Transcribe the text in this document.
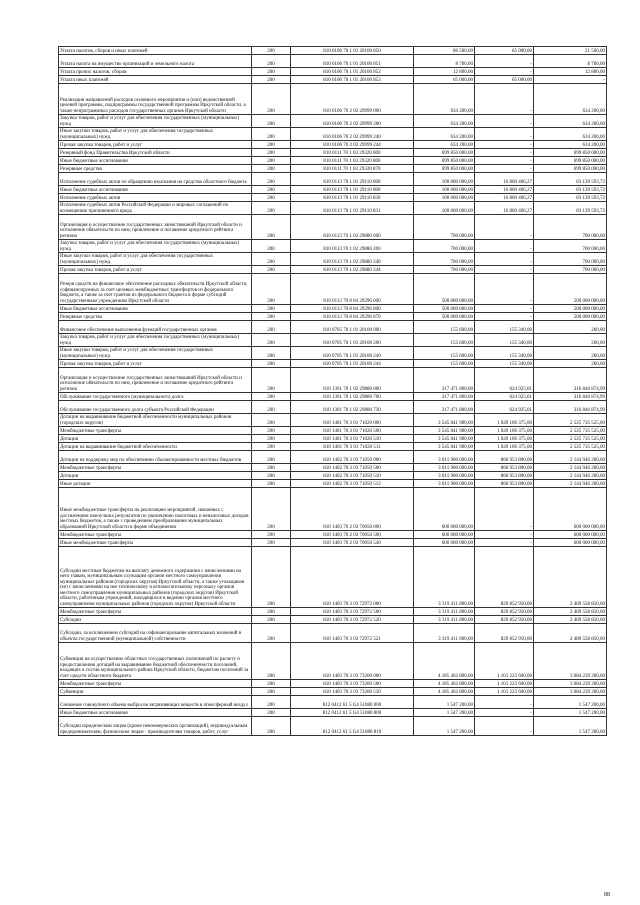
Уплата налогов, сборов и иных платежей	200	810 0106 70 1 01 20100 850	86 500,00	65 000,00	21 500,00
Уплата налога на имущество организаций и земельного налога	200	810 0106 70 1 01 20100 851	8 700,00	-	8 700,00
Уплата прочих налогов, сборов	200	810 0106 70 1 01 20100 852	12 800,00	-	12 800,00
Уплата иных платежей	200	810 0106 70 1 01 20100 853	65 000,00	65 000,00	-
Реализация направлений расходов основного мероприятия и (или) ведомственной целевой программы, подпрограммы государственной программы Иркутской области, а также непрограммных расходов государственных органов Иркутской области	200	810 0106 70 2 02 29999 000	634 200,00	-	634 200,00
Закупка товаров, работ и услуг для обеспечения государственных (муниципальных) нужд	200	810 0106 70 2 02 29999 200	634 200,00	-	634 200,00
Иные закупки товаров, работ и услуг для обеспечения государственных (муниципальных) нужд	200	810 0106 70 2 02 29999 240	634 200,00	-	634 200,00
Прочая закупка товаров, работ и услуг	200	810 0106 70 2 02 29999 244	634 200,00	-	634 200,00
Резервный фонд Правительства Иркутской области	200	810 0111 70 1 03 29320 000	699 850 000,00	-	699 850 000,00
Иные бюджетные ассигнования	200	810 0111 70 1 03 29320 800	699 850 000,00	-	699 850 000,00
Резервные средства	200	810 0111 70 1 03 29320 870	699 850 000,00	-	699 850 000,00
Исполнение судебных актов по обращению взыскания на средства областного бюджета	200	810 0113 70 1 01 29110 000	100 000 000,00	16 860 406,27	83 139 593,73
Иные бюджетные ассигнования	200	810 0113 70 1 01 29110 800	100 000 000,00	16 860 406,27	83 139 593,73
Исполнение судебных актов	200	810 0113 70 1 01 29110 830	100 000 000,00	16 860 406,27	83 139 593,73
Исполнение судебных актов Российской Федерации и мировых соглашений по возмещению причиненного вреда	200	810 0113 70 1 01 29110 831	100 000 000,00	16 860 406,27	83 139 593,73
Организация и осуществление государственных заимствований Иркутской области и исполнение обязательств по ним, привлечение и погашение кредитного рейтинга региона	200	810 0113 70 1 02 29880 000	700 000,00	-	700 000,00
Закупка товаров, работ и услуг для обеспечения государственных (муниципальных) нужд	200	810 0113 70 1 02 29880 200	700 000,00	-	700 000,00
Иные закупки товаров, работ и услуг для обеспечения государственных (муниципальных) нужд	200	810 0113 70 1 02 29880 240	700 000,00	-	700 000,00
Прочая закупка товаров, работ и услуг	200	810 0113 70 1 02 29880 244	700 000,00	-	700 000,00
Резерв средств на финансовое обеспечение расходных обязательств Иркутской области, софинансируемых за счет целевых межбюджетных трансфертов из федерального бюджета, а также за счет грантов из федерального бюджета в форме субсидий государственным учреждениям Иркутской области	200	810 0113 70 8 04 29296 000	500 000 000,00	-	500 000 000,00
Иные бюджетные ассигнования	200	810 0113 70 8 04 29296 800	500 000 000,00	-	500 000 000,00
Резервные средства	200	810 0113 70 8 04 29296 870	500 000 000,00	-	500 000 000,00
Финансовое обеспечение выполнения функций государственных органов	200	810 0705 70 1 01 20100 000	155 600,00	155 340,00	260,00
Закупка товаров, работ и услуг для обеспечения государственных (муниципальных) нужд	200	810 0705 70 1 01 20100 200	155 600,00	155 340,00	260,00
Иные закупки товаров, работ и услуг для обеспечения государственных (муниципальных) нужд	200	810 0705 70 1 01 20100 240	155 600,00	155 340,00	260,00
Прочая закупка товаров, работ и услуг	200	810 0705 70 1 01 20100 244	155 600,00	155 340,00	260,00
Организация и осуществление государственных заимствований Иркутской области и исполнение обязательств по ним, привлечение и погашение кредитного рейтинга региона	200	810 1301 70 1 02 29880 000	317 471 800,00	624 925,01	316 846 874,99
Обслуживание государственного (муниципального) долга	200	810 1301 70 1 02 29880 700	317 471 800,00	624 925,01	316 846 874,99
Обслуживание государственного долга субъекта Российской Федерации	200	810 1301 70 1 02 29880 730	317 471 800,00	624 925,01	316 846 874,99
Дотации на выравнивание бюджетной обеспеченности муниципальных районов (городских округов)	200	810 1401 70 3 01 71020 000	3 545 841 900,00	1 020 106 375,00	2 525 735 525,00
Межбюджетные трансферты	200	810 1401 70 3 01 71020 500	3 545 841 900,00	1 020 106 375,00	2 525 735 525,00
Дотации	200	810 1401 70 3 01 71020 510	3 545 841 900,00	1 020 106 375,00	2 525 735 525,00
Дотации на выравнивание бюджетной обеспеченности	200	810 1401 70 3 01 71020 511	3 545 841 900,00	1 020 106 375,00	2 525 735 525,00
Дотации на поддержку мер по обеспечению сбалансированности местных бюджетов	200	810 1402 70 3 03 71050 000	3 011 900 000,00	866 953 800,00	2 144 946 200,00
Межбюджетные трансферты	200	810 1402 70 3 03 71050 500	3 011 900 000,00	866 953 800,00	2 144 946 200,00
Дотации	200	810 1402 70 3 03 71050 510	3 011 900 000,00	866 953 800,00	2 144 946 200,00
Иные дотации	200	810 1402 70 3 03 71050 512	3 011 900 000,00	866 953 800,00	2 144 946 200,00
Иные межбюджетные трансферты на реализацию мероприятий, связанных с достижением наилучших результатов по увеличению налоговых и неналоговых доходов местных бюджетов, а также с проведением преобразования муниципальных образований Иркутской области в форме объединения	200	810 1403 70 2 03 70050 000	600 000 000,00	-	600 000 000,00
Межбюджетные трансферты	200	810 1403 70 2 03 70050 500	600 000 000,00	-	600 000 000,00
Иные межбюджетные трансферты	200	810 1403 70 2 03 70050 540	600 000 000,00	-	600 000 000,00
Субсидии местным бюджетам на выплату денежного содержания с начислениями на него главам, муниципальным служащим органов местного самоуправления муниципальных районов (городских округов) Иркутской области, а также угольщиков (ее) с начислениями на нее техническому и вспомогательному персоналу органов местного самоуправления муниципальных районов (городских округов) Иркутской области, работникам учреждений, находящихся в ведении органов местного самоуправления муниципальных районов (городских округов) Иркутской области	200	810 1403 70 3 03 72972 000	3 319 411 800,00	829 852 950,00	2 489 558 850,00
Межбюджетные трансферты	200	810 1403 70 3 03 72972 500	3 319 411 800,00	829 852 950,00	2 489 558 850,00
Субсидии	200	810 1403 70 3 03 72972 520	3 319 411 800,00	829 852 950,00	2 489 558 850,00
Субсидии, за исключением субсидий на софинансирование капитальных вложений в объекты государственной (муниципальной) собственности	200	810 1403 70 3 03 72972 521	3 319 411 800,00	829 852 950,00	2 489 558 850,00
Субвенции на осуществление областных государственных полномочий по расчету и предоставлению дотаций на выравнивание бюджетной обеспеченности поселений, входящих в состав муниципального района Иркутской области, бюджетам поселений за счет средств областного бюджета	200	810 1403 70 3 03 73200 000	4 185 462 800,00	1 101 223 600,00	3 084 239 200,00
Межбюджетные трансферты	200	810 1403 70 3 03 73200 500	4 185 462 800,00	1 101 223 600,00	3 084 239 200,00
Субвенции	200	810 1403 70 3 03 73200 530	4 185 462 800,00	1 101 223 600,00	3 084 239 200,00
Снижение совокупного объема выбросов загрязняющих веществ в атмосферный воздух	200	812 0412 61 5 G4 51080 000	1 547 200,00	-	1 547 200,00
Иные бюджетные ассигнования	200	812 0412 61 5 G4 51080 800	1 547 200,00	-	1 547 200,00
Субсидии юридическим лицам (кроме некоммерческих организаций), индивидуальным предпринимателям, физическим лицам - производителям товаров, работ, услуг	200	812 0412 61 5 G4 51080 810	1 547 200,00	-	1 547 200,00
88
